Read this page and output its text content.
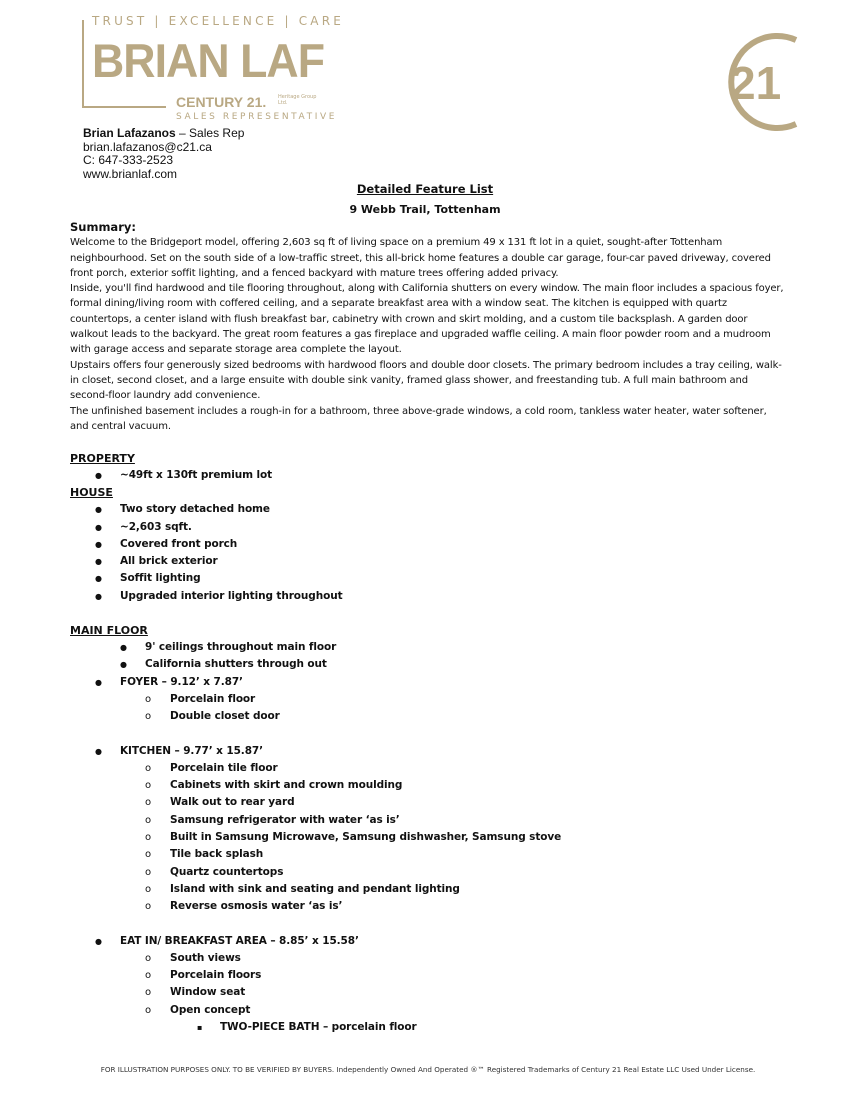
TRUST | EXCELLENCE | CARE
BRIAN LAF
CENTURY 21. Heritage Group Ltd.
SALES REPRESENTATIVE
21
Brian Lafazanos – Sales Rep
brian.lafazanos@c21.ca
C: 647-333-2523
www.brianlaf.com
Detailed Feature List
9 Webb Trail, Tottenham
Summary:

Welcome to the Bridgeport model, offering 2,603 sq ft of living space on a premium 49 x 131 ft lot in a quiet, sought-after Tottenham neighbourhood. Set on the south side of a low-traffic street, this all-brick home features a double car garage, four-car paved driveway, covered front porch, exterior soffit lighting, and a fenced backyard with mature trees offering added privacy.

Inside, you'll find hardwood and tile flooring throughout, along with California shutters on every window. The main floor includes a spacious foyer, formal dining/living room with coffered ceiling, and a separate breakfast area with a window seat. The kitchen is equipped with quartz countertops, a center island with flush breakfast bar, cabinetry with crown and skirt molding, and a custom tile backsplash. A garden door walkout leads to the backyard. The great room features a gas fireplace and upgraded waffle ceiling. A main floor powder room and a mudroom with garage access and separate storage area complete the layout.

Upstairs offers four generously sized bedrooms with hardwood floors and double door closets. The primary bedroom includes a tray ceiling, walk-in closet, second closet, and a large ensuite with double sink vanity, framed glass shower, and freestanding tub. A full main bathroom and second-floor laundry add convenience.

The unfinished basement includes a rough-in for a bathroom, three above-grade windows, a cold room, tankless water heater, water softener, and central vacuum.

PROPERTY
● ~49ft x 130ft premium lot
HOUSE
● Two story detached home
● ~2,603 sqft.
● Covered front porch
● All brick exterior
● Soffit lighting
● Upgraded interior lighting throughout
MAIN FLOOR
● 9' ceilings throughout main floor
● California shutters through out
● FOYER – 9.12’ x 7.87’
o Porcelain floor
o Double closet door
● KITCHEN – 9.77’ x 15.87’
o Porcelain tile floor
o Cabinets with skirt and crown moulding
o Walk out to rear yard
o Samsung refrigerator with water ‘as is’
o Built in Samsung Microwave, Samsung dishwasher, Samsung stove
o Tile back splash
o Quartz countertops
o Island with sink and seating and pendant lighting
o Reverse osmosis water ‘as is’
● EAT IN/ BREAKFAST AREA – 8.85’ x 15.58’
o South views
o Porcelain floors
o Window seat
o Open concept
▪ TWO-PIECE BATH – porcelain floor
FOR ILLUSTRATION PURPOSES ONLY. TO BE VERIFIED BY BUYERS. Independently Owned And Operated ®™ Registered Trademarks of Century 21 Real Estate LLC Used Under License.
